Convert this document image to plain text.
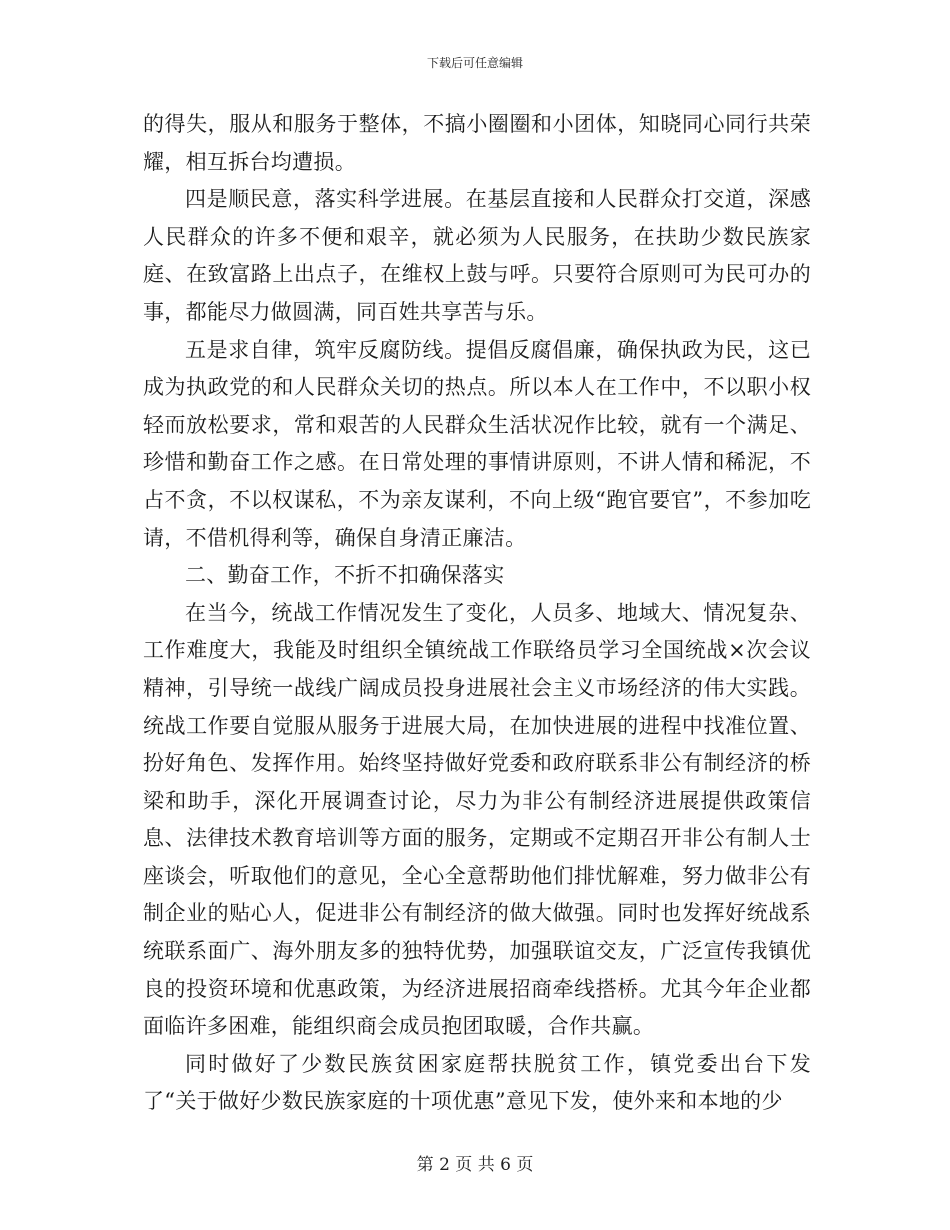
下载后可任意编辑

的得失，服从和服务于整体，不搞小圈圈和小团体，知晓同心同行共荣耀，相互拆台均遭损。

四是顺民意，落实科学进展。在基层直接和人民群众打交道，深感人民群众的许多不便和艰辛，就必须为人民服务，在扶助少数民族家庭、在致富路上出点子，在维权上鼓与呼。只要符合原则可为民可办的事，都能尽力做圆满，同百姓共享苦与乐。

五是求自律，筑牢反腐防线。提倡反腐倡廉，确保执政为民，这已成为执政党的和人民群众关切的热点。所以本人在工作中，不以职小权轻而放松要求，常和艰苦的人民群众生活状况作比较，就有一个满足、珍惜和勤奋工作之感。在日常处理的事情讲原则，不讲人情和稀泥，不占不贪，不以权谋私，不为亲友谋利，不向上级“跑官要官”，不参加吃请，不借机得利等，确保自身清正廉洁。

二、勤奋工作，不折不扣确保落实

在当今，统战工作情况发生了变化，人员多、地域大、情况复杂、工作难度大，我能及时组织全镇统战工作联络员学习全国统战×次会议精神，引导统一战线广阔成员投身进展社会主义市场经济的伟大实践。统战工作要自觉服从服务于进展大局，在加快进展的进程中找准位置、扮好角色、发挥作用。始终坚持做好党委和政府联系非公有制经济的桥梁和助手，深化开展调查讨论，尽力为非公有制经济进展提供政策信息、法律技术教育培训等方面的服务，定期或不定期召开非公有制人士座谈会，听取他们的意见，全心全意帮助他们排忧解难，努力做非公有制企业的贴心人，促进非公有制经济的做大做强。同时也发挥好统战系统联系面广、海外朋友多的独特优势，加强联谊交友，广泛宣传我镇优良的投资环境和优惠政策，为经济进展招商牵线搭桥。尤其今年企业都面临许多困难，能组织商会成员抱团取暖，合作共赢。

同时做好了少数民族贫困家庭帮扶脱贫工作，镇党委出台下发了“关于做好少数民族家庭的十项优惠”意见下发，使外来和本地的少

第 2 页 共 6 页
